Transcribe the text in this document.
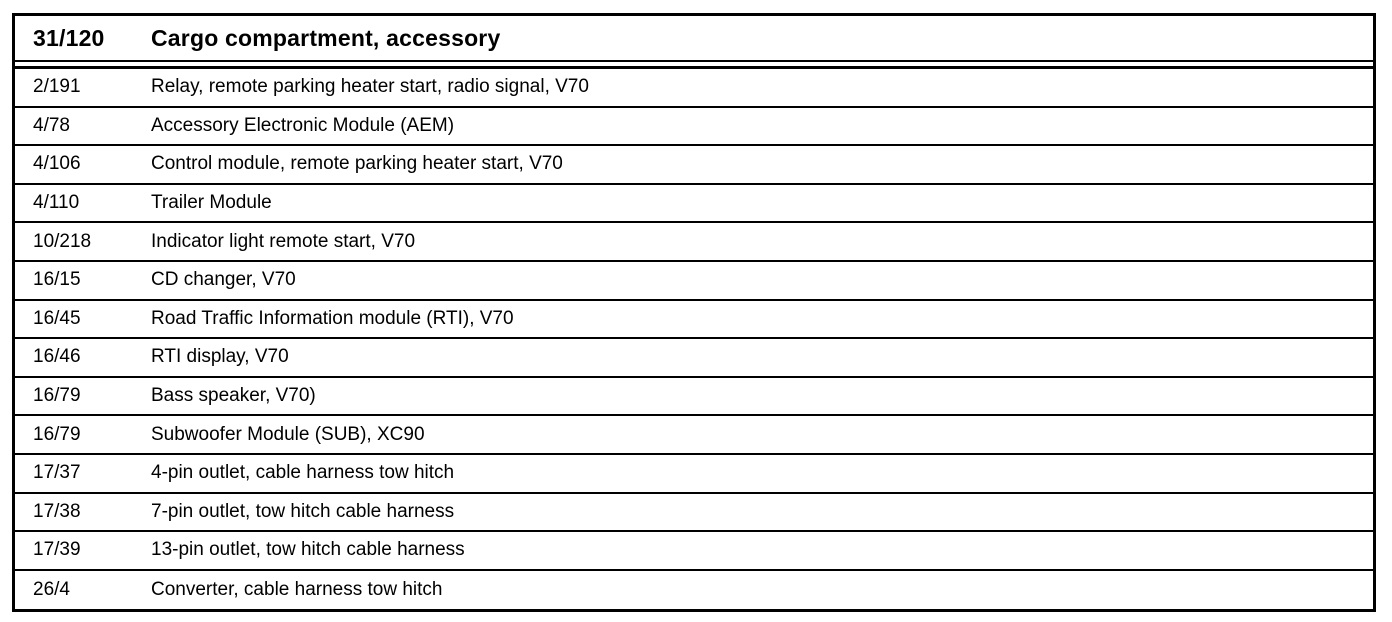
31/120	Cargo compartment, accessory
2/191	Relay, remote parking heater start, radio signal, V70
4/78	Accessory Electronic Module (AEM)
4/106	Control module, remote parking heater start, V70
4/110	Trailer Module
10/218	Indicator light remote start, V70
16/15	CD changer, V70
16/45	Road Traffic Information module (RTI), V70
16/46	RTI display, V70
16/79	Bass speaker, V70)
16/79	Subwoofer Module (SUB), XC90
17/37	4-pin outlet, cable harness tow hitch
17/38	7-pin outlet, tow hitch cable harness
17/39	13-pin outlet, tow hitch cable harness
26/4	Converter, cable harness tow hitch
